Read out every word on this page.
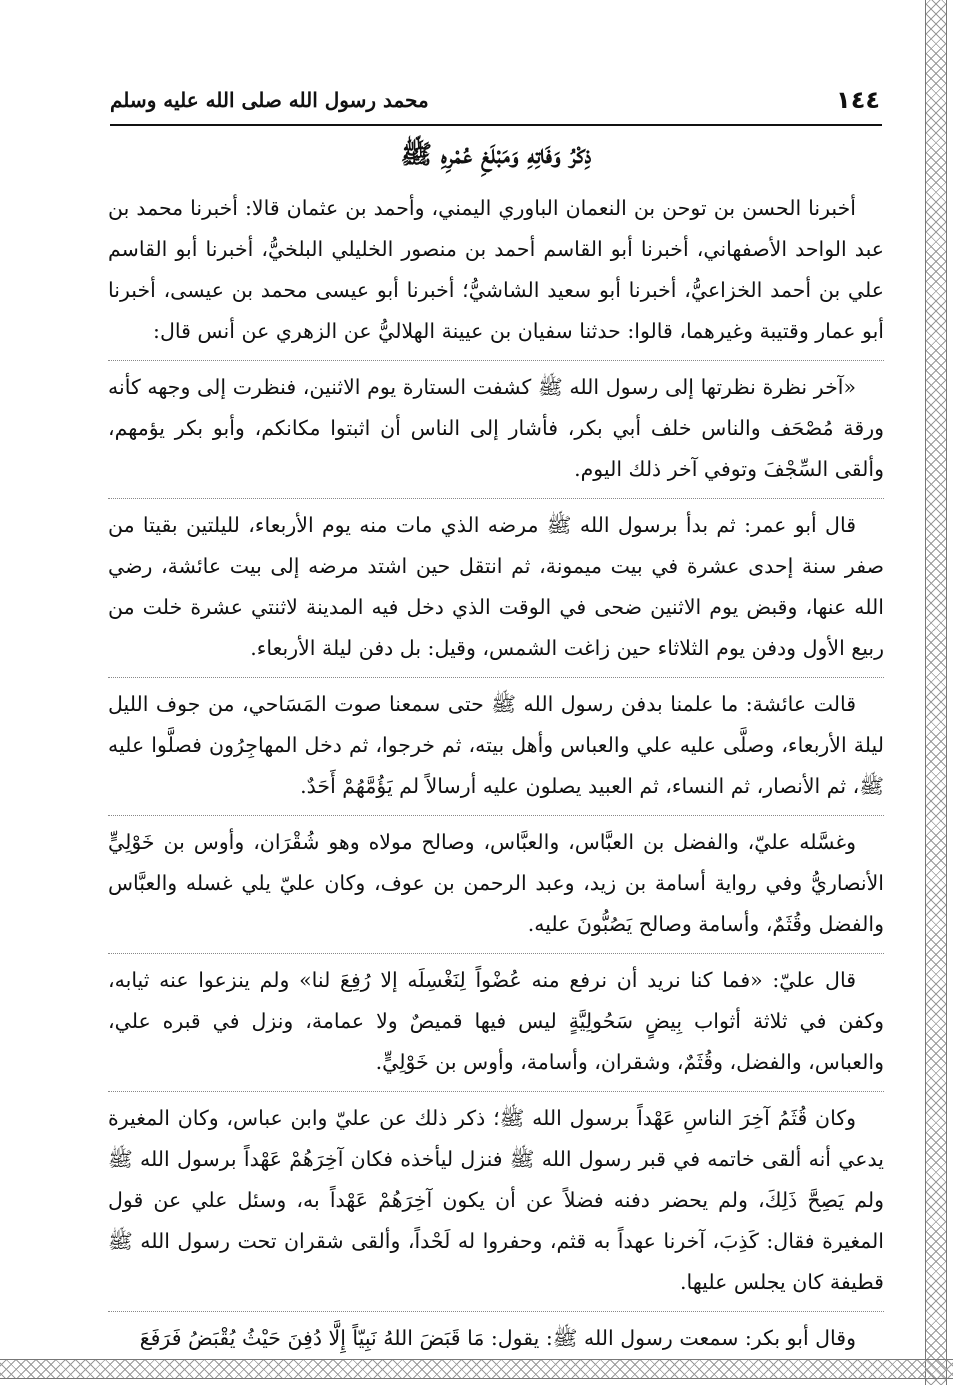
١٤٤
محمد رسول الله صلى الله عليه وسلم
ذِكْرُ وَفَاتِهِ وَمَبْلَغِ عُمْرِهِ ﷺ

أخبرنا الحسن بن توحن بن النعمان الباوري اليمني، وأحمد بن عثمان قالا: أخبرنا محمد بن عبد الواحد الأصفهاني، أخبرنا أبو القاسم أحمد بن منصور الخليلي البلخيُّ، أخبرنا أبو القاسم علي بن أحمد الخزاعيُّ، أخبرنا أبو سعيد الشاشيُّ؛ أخبرنا أبو عيسى محمد بن عيسى، أخبرنا أبو عمار وقتيبة وغيرهما، قالوا: حدثنا سفيان بن عيينة الهلاليُّ عن الزهري عن أنس قال:

«آخر نظرة نظرتها إلى رسول الله ﷺ كشفت الستارة يوم الاثنين، فنظرت إلى وجهه كأنه ورقة مُصْحَف والناس خلف أبي بكر، فأشار إلى الناس أن اثبتوا مكانكم، وأبو بكر يؤمهم، وألقى السِّجْفَ وتوفي آخر ذلك اليوم.

قال أبو عمر: ثم بدأ برسول الله ﷺ مرضه الذي مات منه يوم الأربعاء، لليلتين بقيتا من صفر سنة إحدى عشرة في بيت ميمونة، ثم انتقل حين اشتد مرضه إلى بيت عائشة، رضي الله عنها، وقبض يوم الاثنين ضحى في الوقت الذي دخل فيه المدينة لاثنتي عشرة خلت من ربيع الأول ودفن يوم الثلاثاء حين زاغت الشمس، وقيل: بل دفن ليلة الأربعاء.

قالت عائشة: ما علمنا بدفن رسول الله ﷺ حتى سمعنا صوت المَسَاحي، من جوف الليل ليلة الأربعاء، وصلَّى عليه علي والعباس وأهل بيته، ثم خرجوا، ثم دخل المهاجِرُون فصلَّوا عليه ﷺ، ثم الأنصار، ثم النساء، ثم العبيد يصلون عليه أرسالاً لم يَؤُمَّهُمْ أَحَدٌ.

وغسَّله عليّ، والفضل بن العبَّاس، والعبَّاس، وصالح مولاه وهو شُقْرَان، وأوس بن خَوْلِيٍّ الأنصاريُّ وفي رواية أسامة بن زيد، وعبد الرحمن بن عوف، وكان عليّ يلي غسله والعبَّاس والفضل وقُثَمٌ، وأسامة وصالح يَصُبُّونَ عليه.

قال عليّ: «فما كنا نريد أن نرفع منه عُضْواً لِنَغْسِلَه إلا رُفِعَ لنا» ولم ينزعوا عنه ثيابه، وكفن في ثلاثة أثواب بِيضٍ سَحُولِيَّةٍ ليس فيها قميصٌ ولا عمامة، ونزل في قبره علي، والعباس، والفضل، وقُثَمٌ، وشقران، وأسامة، وأوس بن خَوْلِيٍّ.

وكان قُثَمُ آخِرَ الناسِ عَهْداً برسول الله ﷺ؛ ذكر ذلك عن عليّ وابن عباس، وكان المغيرة يدعي أنه ألقى خاتمه في قبر رسول الله ﷺ فنزل ليأخذه فكان آخِرَهُمْ عَهْداً برسول الله ﷺ ولم يَصِحَّ ذَلِكَ، ولم يحضر دفنه فضلاً عن أن يكون آخِرَهُمْ عَهْداً به، وسئل علي عن قول المغيرة فقال: كَذِبَ، آخرنا عهداً به قثم، وحفروا له لَحْداً، وألقى شقران تحت رسول الله ﷺ قطيفة كان يجلس عليها.

وقال أبو بكر: سمعت رسول الله ﷺ: يقول: مَا قَبَضَ اللهُ نَبِيّاً إِلَّا دُفِنَ حَيْثُ يُقْبَضُ فَرَفَعَ
